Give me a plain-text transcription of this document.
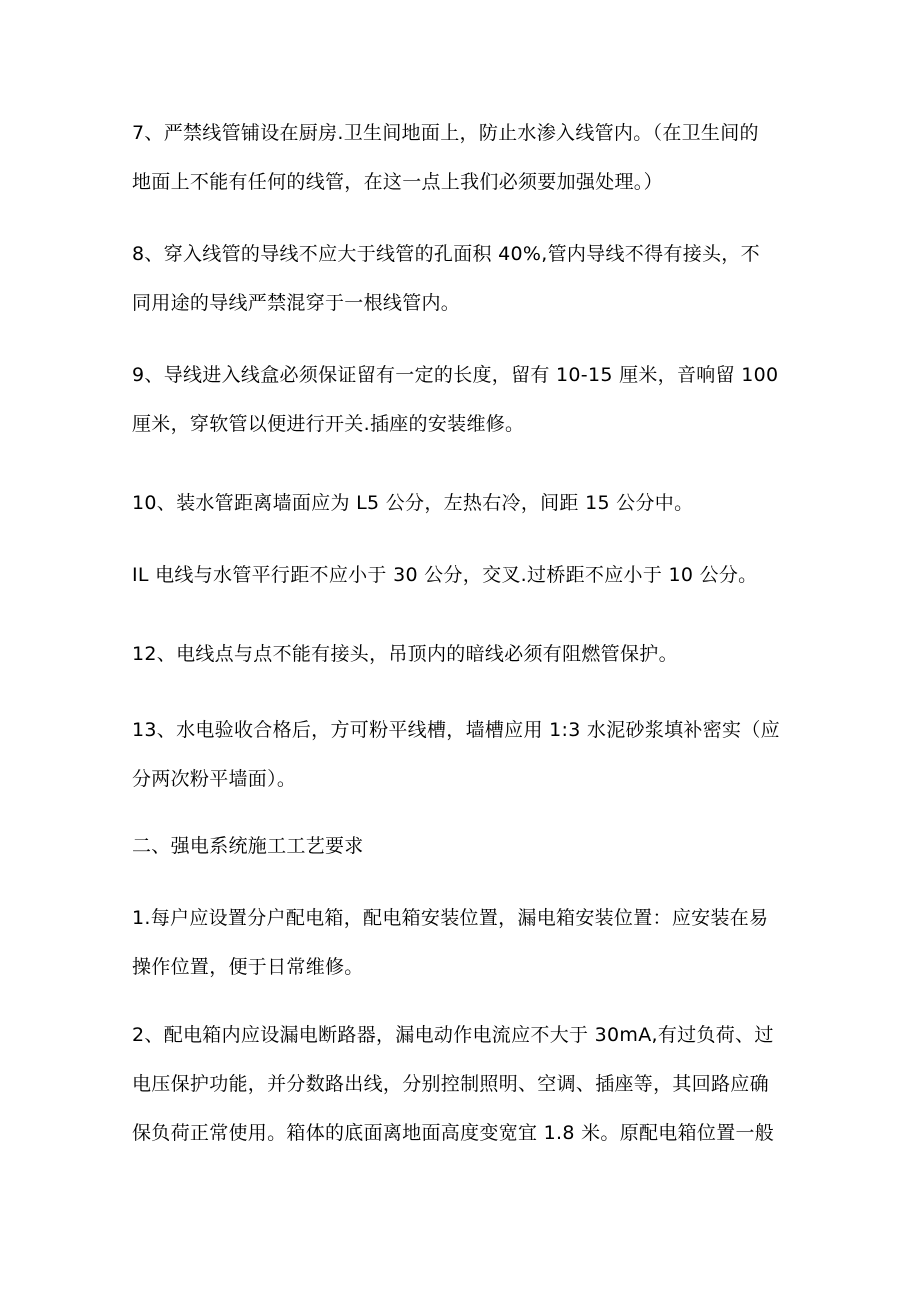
7、严禁线管铺设在厨房.卫生间地面上，防止水渗入线管内。（在卫生间的
地面上不能有任何的线管，在这一点上我们必须要加强处理。）
8、穿入线管的导线不应大于线管的孔面积 40%,管内导线不得有接头，不
同用途的导线严禁混穿于一根线管内。
9、导线进入线盒必须保证留有一定的长度，留有 10-15 厘米，音响留 100
厘米，穿软管以便进行开关.插座的安装维修。
10、装水管距离墙面应为 L5 公分，左热右冷，间距 15 公分中。
IL 电线与水管平行距不应小于 30 公分，交叉.过桥距不应小于 10 公分。
12、电线点与点不能有接头，吊顶内的暗线必须有阻燃管保护。
13、水电验收合格后，方可粉平线槽，墙槽应用 1:3 水泥砂浆填补密实（应
分两次粉平墙面）。
二、强电系统施工工艺要求
1.每户应设置分户配电箱，配电箱安装位置，漏电箱安装位置：应安装在易
操作位置，便于日常维修。
2、配电箱内应设漏电断路器，漏电动作电流应不大于 30mA,有过负荷、过
电压保护功能，并分数路出线，分别控制照明、空调、插座等，其回路应确
保负荷正常使用。箱体的底面离地面高度变宽宜 1.8 米。原配电箱位置一般
